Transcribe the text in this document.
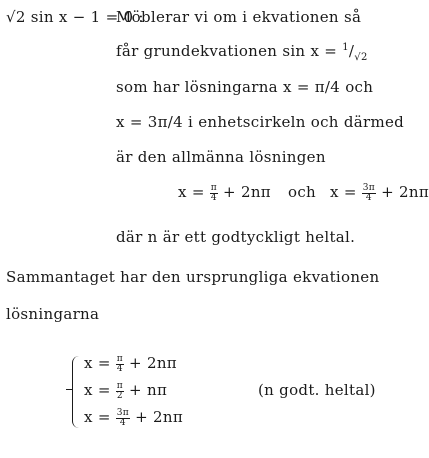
√2 sin x − 1 = 0 :
Möblerar vi om i ekvationen så
får grundekvationen $\sin x = ^1/_{√2}$
som har lösningarna x = π/4 och
x = 3π/4 i enhetscirkeln och därmed
är den allmänna lösningen
$x = \frac{\pi}{4} + 2n\pi$ och $x = \frac{3\pi}{4} + 2n\pi$
där n är ett godtyckligt heltal.
Sammantaget har den ursprungliga ekvationen
lösningarna
$x = \frac{\pi}{4} + 2n\pi$
$x = \frac{\pi}{2} + n\pi$
$x = \frac{3\pi}{4} + 2n\pi$
(n godt. heltal)
